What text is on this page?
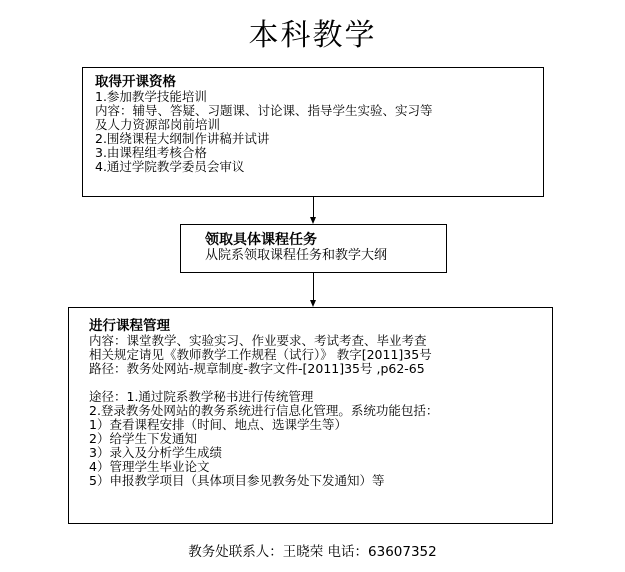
本科教学
取得开课资格
1.参加教学技能培训
内容：辅导、答疑、习题课、讨论课、指导学生实验、实习等
及人力资源部岗前培训
2.围绕课程大纲制作讲稿并试讲
3.由课程组考核合格
4.通过学院教学委员会审议
领取具体课程任务
从院系领取课程任务和教学大纲
进行课程管理
内容：课堂教学、实验实习、作业要求、考试考查、毕业考查
相关规定请见《教师教学工作规程（试行）》 教字[2011]35号
路径：教务处网站-规章制度-教字文件-[2011]35号 ,p62-65
途径：1.通过院系教学秘书进行传统管理
2.登录教务处网站的教务系统进行信息化管理。系统功能包括：
1）查看课程安排（时间、地点、选课学生等）
2）给学生下发通知
3）录入及分析学生成绩
4）管理学生毕业论文
5）申报教学项目（具体项目参见教务处下发通知）等
教务处联系人：王晓荣 电话：63607352
